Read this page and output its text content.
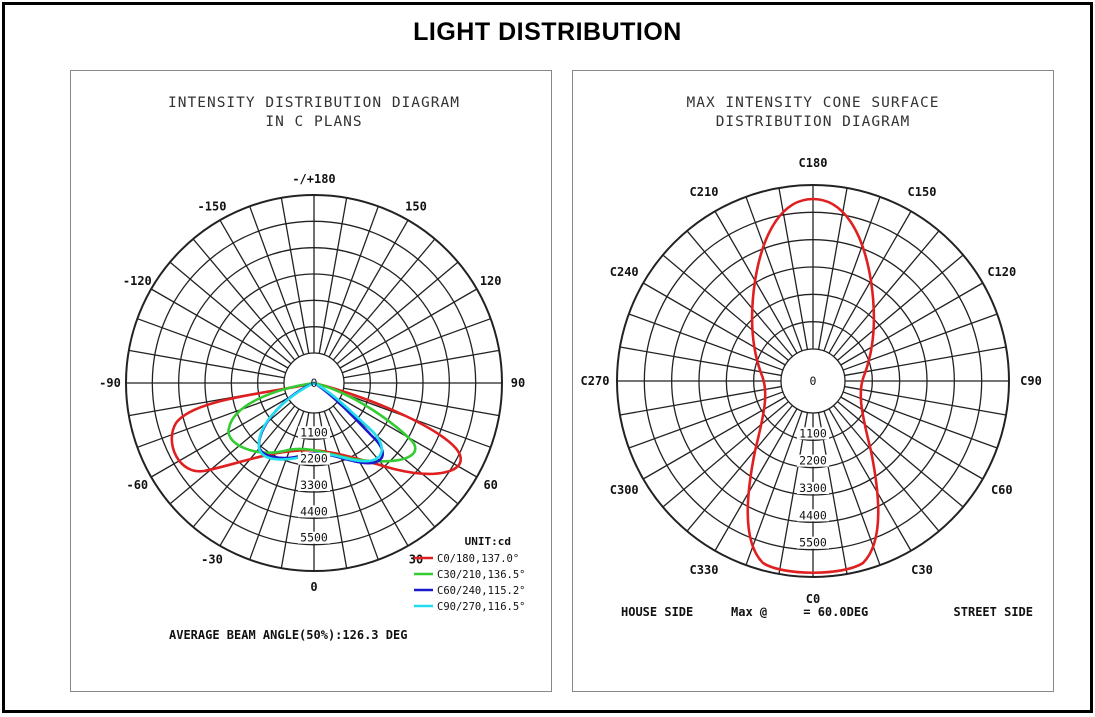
LIGHT DISTRIBUTION
INTENSITY DISTRIBUTION DIAGRAM
IN C PLANS
-/+180
150
-150
120
-120
90
-90
60
-60
30
-30
0
0
1100
2200
3300
4400
5500	UNIT:cd
C0/180,137.0°
C30/210,136.5°
C60/240,115.2°
C90/270,116.5°
AVERAGE BEAM ANGLE(50%):126.3 DEG
MAX INTENSITY CONE SURFACE
DISTRIBUTION DIAGRAM
C180
C150
C210
C120
C240
C90
C270
C60
C300
C30
C330
C0
0
1100
2200
3300
4400
5500
HOUSE SIDE	Max @     = 60.0DEG	STREET SIDE
